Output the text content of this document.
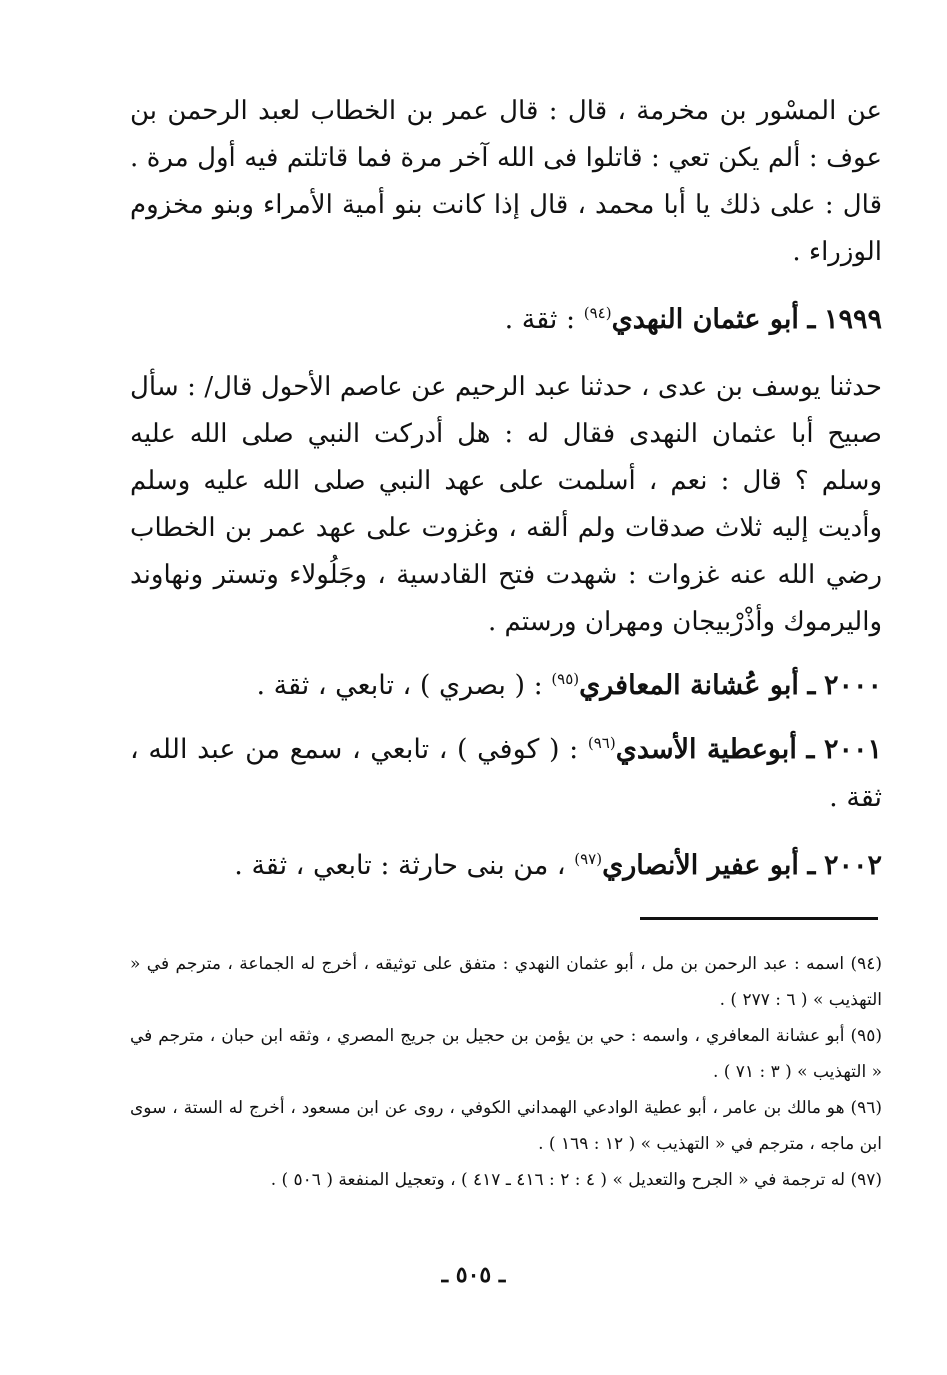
عن المسْور بن مخرمة ، قال : قال عمر بن الخطاب لعبد الرحمن بن عوف : ألم يكن تعي : قاتلوا فى الله آخر مرة فما قاتلتم فيه أول مرة . قال : على ذلك يا أبا محمد ، قال إذا كانت بنو أمية الأمراء وبنو مخزوم الوزراء .

١٩٩٩ ـ أبو عثمان النهدي$^{(٩٤)}$ : ثقة .

حدثنا يوسف بن عدى ، حدثنا عبد الرحيم عن عاصم الأحول قال/ : سأل صبيح أبا عثمان النهدى فقال له : هل أدركت النبي صلى الله عليه وسلم ؟ قال : نعم ، أسلمت على عهد النبي صلى الله عليه وسلم وأديت إليه ثلاث صدقات ولم ألقه ، وغزوت على عهد عمر بن الخطاب رضي الله عنه غزوات : شهدت فتح القادسية ، وجَلُولاء وتستر ونهاوند واليرموك وأذْرْبيجان ومهران ورستم .

٢٠٠٠ ـ أبو عُشانة المعافري$^{(٩٥)}$ : ( بصري ) ، تابعي ، ثقة .

٢٠٠١ ـ أبوعطية الأسدي$^{(٩٦)}$ : ( كوفي ) ، تابعي ، سمع من عبد الله ، ثقة .

٢٠٠٢ ـ أبو عفير الأنصاري$^{(٩٧)}$ ، من بنى حارثة : تابعي ، ثقة .

(٩٤) اسمه : عبد الرحمن بن مل ، أبو عثمان النهدي : متفق على توثيقه ، أخرج له الجماعة ، مترجم في « التهذيب » ( ٦ : ٢٧٧ ) .

(٩٥) أبو عشانة المعافري ، واسمه : حي بن يؤمن بن حجيل بن جريج المصري ، وثقه ابن حبان ، مترجم في « التهذيب » ( ٣ : ٧١ ) .

(٩٦) هو مالك بن عامر ، أبو عطية الوادعي الهمداني الكوفي ، روى عن ابن مسعود ، أخرج له الستة ، سوى ابن ماجه ، مترجم في « التهذيب » ( ١٢ : ١٦٩ ) .

(٩٧) له ترجمة في « الجرح والتعديل » ( ٤ : ٢ : ٤١٦ ـ ٤١٧ ) ، وتعجيل المنفعة ( ٥٠٦ ) .

ـ ٥٠٥ ـ
